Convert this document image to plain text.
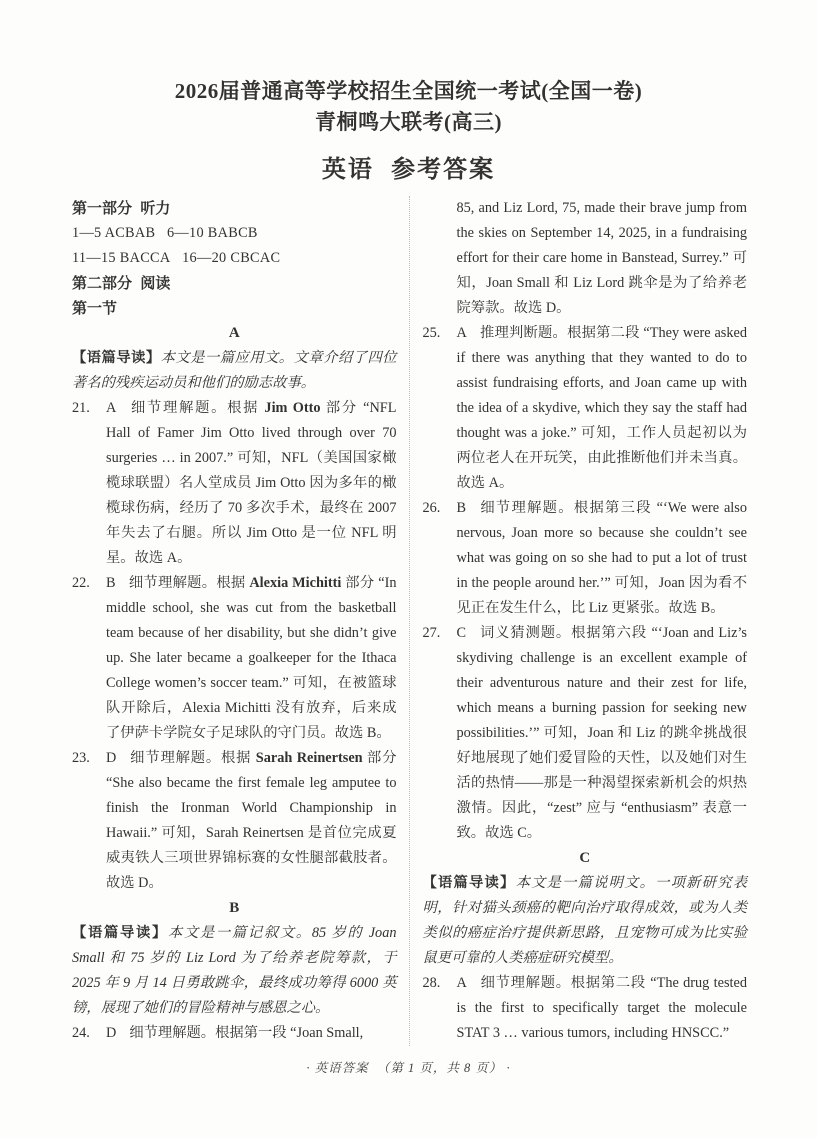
2026届普通高等学校招生全国统一考试(全国一卷)
青桐鸣大联考(高三)
英语  参考答案
第一部分  听力
1—5 ACBAB   6—10 BABCB
11—15 BACCA   16—20 CBCAC
第二部分  阅读
第一节
A

【语篇导读】本文是一篇应用文。文章介绍了四位著名的残疾运动员和他们的励志故事。

21.	A 细节理解题。根据 Jim Otto 部分 “NFL Hall of Famer Jim Otto lived through over 70 surgeries … in 2007.” 可知，NFL（美国国家橄榄球联盟）名人堂成员 Jim Otto 因为多年的橄榄球伤病，经历了 70 多次手术，最终在 2007 年失去了右腿。所以 Jim Otto 是一位 NFL 明星。故选 A。
22.	B 细节理解题。根据 Alexia Michitti 部分 “In middle school, she was cut from the basketball team because of her disability, but she didn’t give up. She later became a goalkeeper for the Ithaca College women’s soccer team.” 可知，在被篮球队开除后，Alexia Michitti 没有放弃，后来成了伊萨卡学院女子足球队的守门员。故选 B。
23.	D 细节理解题。根据 Sarah Reinertsen 部分 “She also became the first female leg amputee to finish the Ironman World Championship in Hawaii.” 可知，Sarah Reinertsen 是首位完成夏威夷铁人三项世界锦标赛的女性腿部截肢者。故选 D。
B

【语篇导读】本文是一篇记叙文。85 岁的 Joan Small 和 75 岁的 Liz Lord 为了给养老院筹款，于 2025 年 9 月 14 日勇敢跳伞，最终成功筹得 6000 英镑，展现了她们的冒险精神与感恩之心。

24.	D 细节理解题。根据第一段 “Joan Small,

85, and Liz Lord, 75, made their brave jump from the skies on September 14, 2025, in a fundraising effort for their care home in Banstead, Surrey.” 可知，Joan Small 和 Liz Lord 跳伞是为了给养老院筹款。故选 D。

25.	A 推理判断题。根据第二段 “They were asked if there was anything that they wanted to do to assist fundraising efforts, and Joan came up with the idea of a skydive, which they say the staff had thought was a joke.” 可知，工作人员起初以为两位老人在开玩笑，由此推断他们并未当真。故选 A。
26.	B 细节理解题。根据第三段 “‘We were also nervous, Joan more so because she couldn’t see what was going on so she had to put a lot of trust in the people around her.’” 可知，Joan 因为看不见正在发生什么，比 Liz 更紧张。故选 B。
27.	C 词义猜测题。根据第六段 “‘Joan and Liz’s skydiving challenge is an excellent example of their adventurous nature and their zest for life, which means a burning passion for seeking new possibilities.’” 可知，Joan 和 Liz 的跳伞挑战很好地展现了她们爱冒险的天性，以及她们对生活的热情——那是一种渴望探索新机会的炽热激情。因此，“zest” 应与 “enthusiasm” 表意一致。故选 C。
C

【语篇导读】本文是一篇说明文。一项新研究表明，针对猫头颈癌的靶向治疗取得成效，或为人类类似的癌症治疗提供新思路，且宠物可成为比实验鼠更可靠的人类癌症研究模型。

28.	A 细节理解题。根据第二段 “The drug tested is the first to specifically target the molecule STAT 3 … various tumors, including HNSCC.”
· 英语答案  （第 1 页，共 8 页） ·
